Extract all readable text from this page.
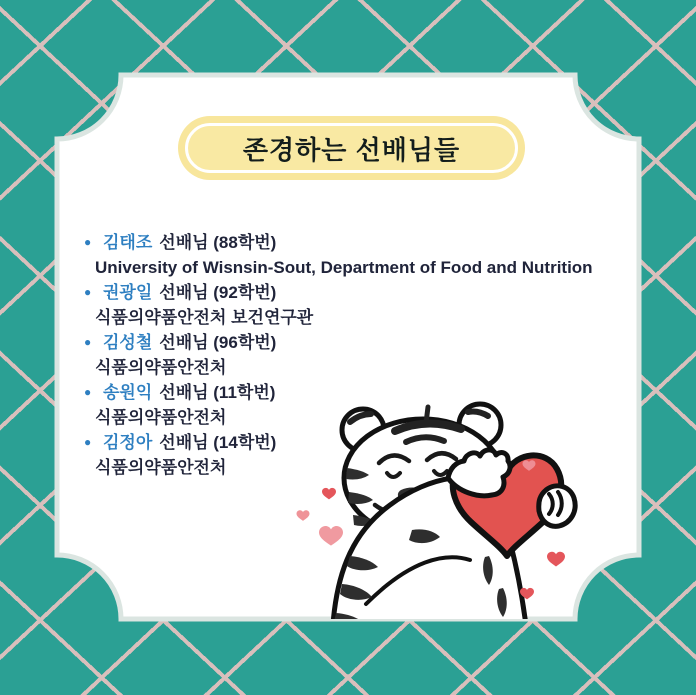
존경하는 선배님들
● 김태조 선배님 (88학번)
University of Wisnsin-Sout, Department of Food and Nutrition
● 권광일 선배님 (92학번)
식품의약품안전처 보건연구관
● 김성철 선배님 (96학번)
식품의약품안전처
● 송원익 선배님 (11학번)
식품의약품안전처
● 김정아 선배님 (14학번)
식품의약품안전처
